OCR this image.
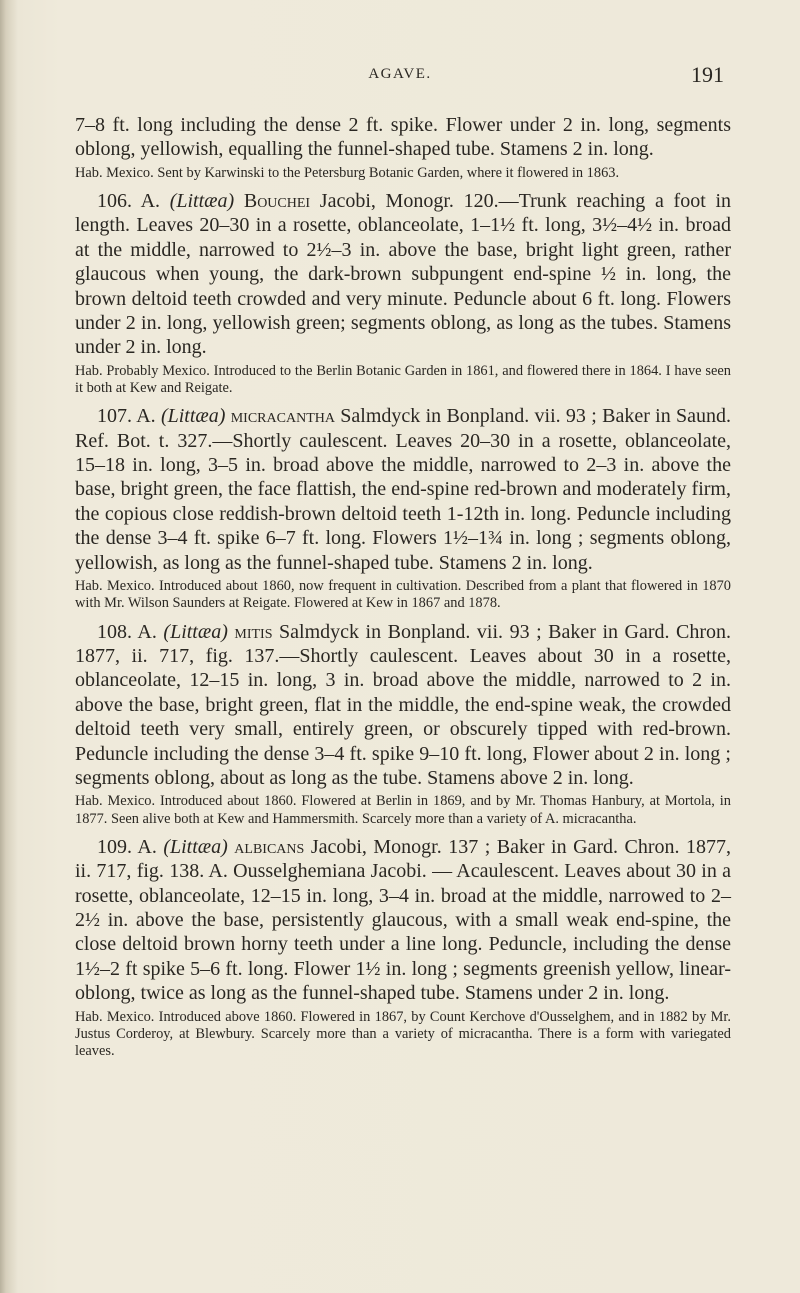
AGAVE.	191

7–8 ft. long including the dense 2 ft. spike. Flower under 2 in. long, segments oblong, yellowish, equalling the funnel-shaped tube. Stamens 2 in. long.

Hab. Mexico. Sent by Karwinski to the Petersburg Botanic Garden, where it flowered in 1863.

106. A. (Littæa) Bouchei Jacobi, Monogr. 120.—Trunk reaching a foot in length. Leaves 20–30 in a rosette, oblanceolate, 1–1½ ft. long, 3½–4½ in. broad at the middle, narrowed to 2½–3 in. above the base, bright light green, rather glaucous when young, the dark-brown subpungent end-spine ½ in. long, the brown deltoid teeth crowded and very minute. Peduncle about 6 ft. long. Flowers under 2 in. long, yellowish green; segments oblong, as long as the tubes. Stamens under 2 in. long.

Hab. Probably Mexico. Introduced to the Berlin Botanic Garden in 1861, and flowered there in 1864. I have seen it both at Kew and Reigate.

107. A. (Littæa) micracantha Salmdyck in Bonpland. vii. 93 ; Baker in Saund. Ref. Bot. t. 327.—Shortly caulescent. Leaves 20–30 in a rosette, oblanceolate, 15–18 in. long, 3–5 in. broad above the middle, narrowed to 2–3 in. above the base, bright green, the face flattish, the end-spine red-brown and moderately firm, the copious close reddish-brown deltoid teeth 1-12th in. long. Peduncle including the dense 3–4 ft. spike 6–7 ft. long. Flowers 1½–1¾ in. long ; segments oblong, yellowish, as long as the funnel-shaped tube. Stamens 2 in. long.

Hab. Mexico. Introduced about 1860, now frequent in cultivation. Described from a plant that flowered in 1870 with Mr. Wilson Saunders at Reigate. Flowered at Kew in 1867 and 1878.

108. A. (Littæa) mitis Salmdyck in Bonpland. vii. 93 ; Baker in Gard. Chron. 1877, ii. 717, fig. 137.—Shortly caulescent. Leaves about 30 in a rosette, oblanceolate, 12–15 in. long, 3 in. broad above the middle, narrowed to 2 in. above the base, bright green, flat in the middle, the end-spine weak, the crowded deltoid teeth very small, entirely green, or obscurely tipped with red-brown. Peduncle including the dense 3–4 ft. spike 9–10 ft. long, Flower about 2 in. long ; segments oblong, about as long as the tube. Stamens above 2 in. long.

Hab. Mexico. Introduced about 1860. Flowered at Berlin in 1869, and by Mr. Thomas Hanbury, at Mortola, in 1877. Seen alive both at Kew and Hammersmith. Scarcely more than a variety of A. micracantha.

109. A. (Littæa) albicans Jacobi, Monogr. 137 ; Baker in Gard. Chron. 1877, ii. 717, fig. 138. A. Ousselghemiana Jacobi. — Acaulescent. Leaves about 30 in a rosette, oblanceolate, 12–15 in. long, 3–4 in. broad at the middle, narrowed to 2–2½ in. above the base, persistently glaucous, with a small weak end-spine, the close deltoid brown horny teeth under a line long. Peduncle, including the dense 1½–2 ft spike 5–6 ft. long. Flower 1½ in. long ; segments greenish yellow, linear-oblong, twice as long as the funnel-shaped tube. Stamens under 2 in. long.

Hab. Mexico. Introduced above 1860. Flowered in 1867, by Count Kerchove d'Ousselghem, and in 1882 by Mr. Justus Corderoy, at Blewbury. Scarcely more than a variety of micracantha. There is a form with variegated leaves.
